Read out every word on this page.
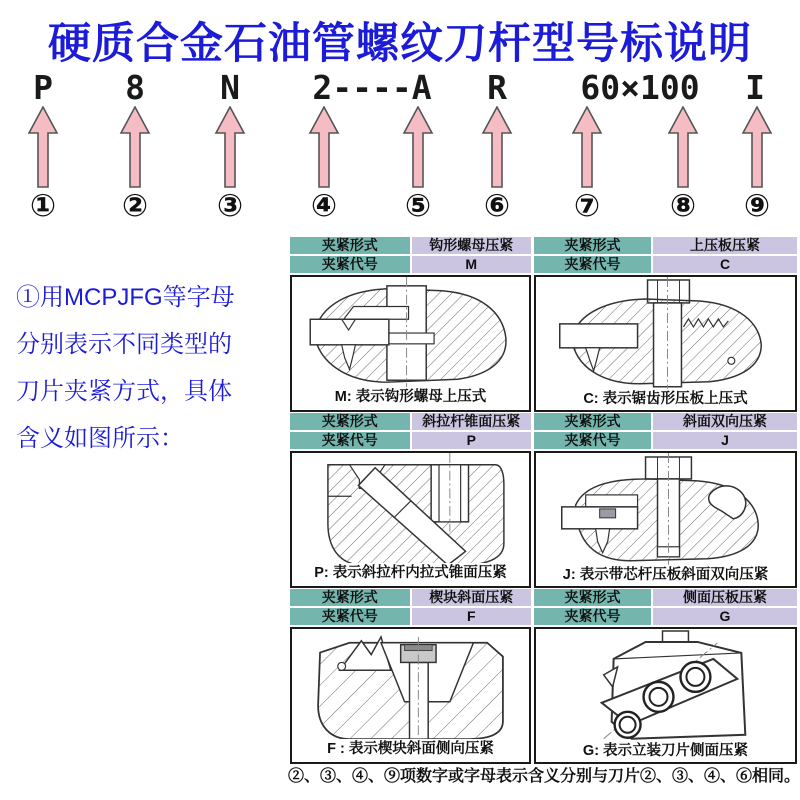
硬质合金石油管螺纹刀杆型号标说明
P 8 N 2----A R 60×100 I
① ② ③ ④ ⑤ ⑥ ⑦ ⑧ ⑨
①用MCPJFG等字母
分别表示不同类型的
刀片夹紧方式，具体
含义如图所示：
夹紧形式	钩形螺母压紧
夹紧代号	M
M: 表示钩形螺母上压式
夹紧形式	上压板压紧
夹紧代号	C
C: 表示锯齿形压板上压式
夹紧形式	斜拉杆锥面压紧
夹紧代号	P
P: 表示斜拉杆内拉式锥面压紧
夹紧形式	斜面双向压紧
夹紧代号	J
J: 表示带芯杆压板斜面双向压紧
夹紧形式	楔块斜面压紧
夹紧代号	F
F : 表示楔块斜面侧向压紧
夹紧形式	侧面压板压紧
夹紧代号	G
G: 表示立装刀片侧面压紧
②、③、④、⑨项数字或字母表示含义分别与刀片②、③、④、⑥相同。
